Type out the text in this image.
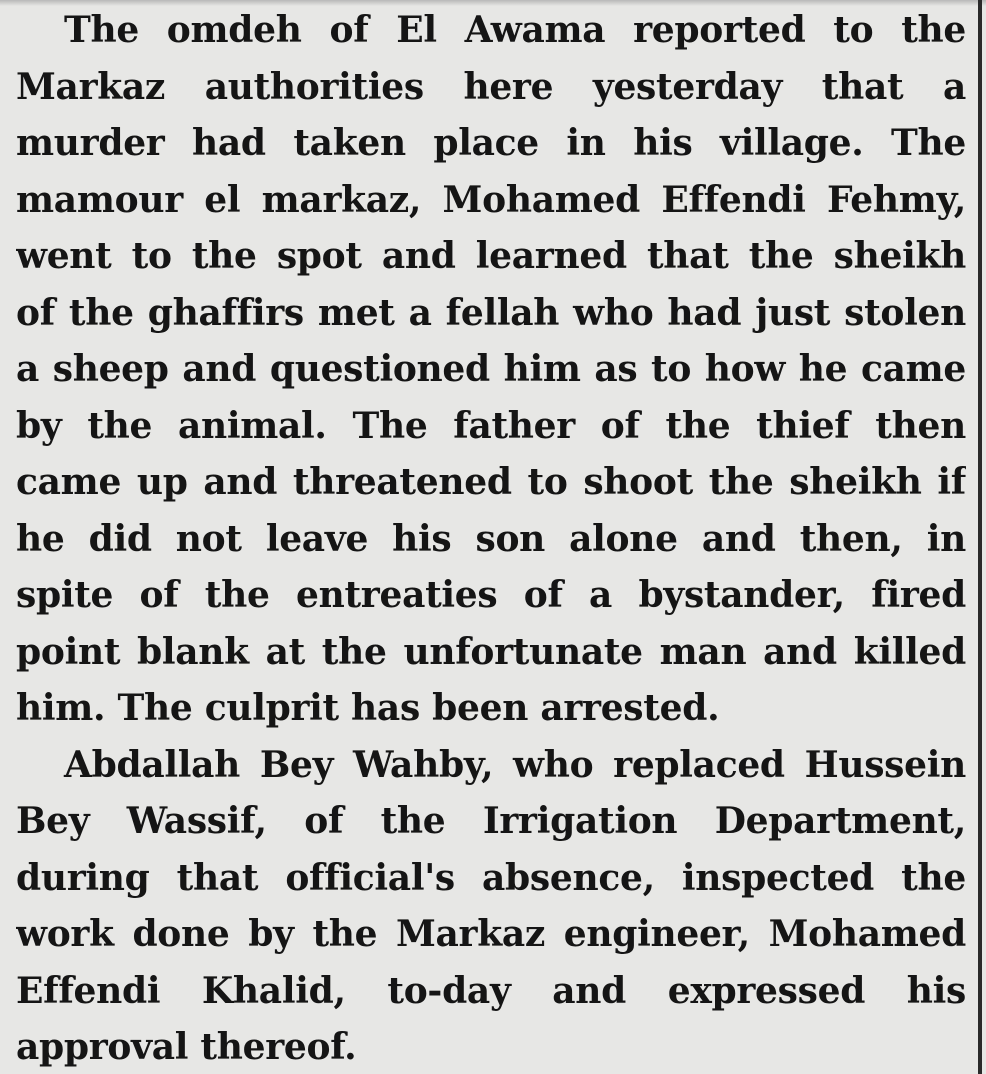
The omdeh of El Awama reported to the
Markaz authorities here yesterday that a
murder had taken place in his village. The
mamour el markaz, Mohamed Effendi Fehmy,
went to the spot and learned that the sheikh
of the ghaffirs met a fellah who had just stolen
a sheep and questioned him as to how he came
by the animal. The father of the thief then
came up and threatened to shoot the sheikh if
he did not leave his son alone and then, in
spite of the entreaties of a bystander, fired
point blank at the unfortunate man and killed
him. The culprit has been arrested.
Abdallah Bey Wahby, who replaced Hussein
Bey Wassif, of the Irrigation Department,
during that official's absence, inspected the
work done by the Markaz engineer, Mohamed
Effendi Khalid, to-day and expressed his
approval thereof.
